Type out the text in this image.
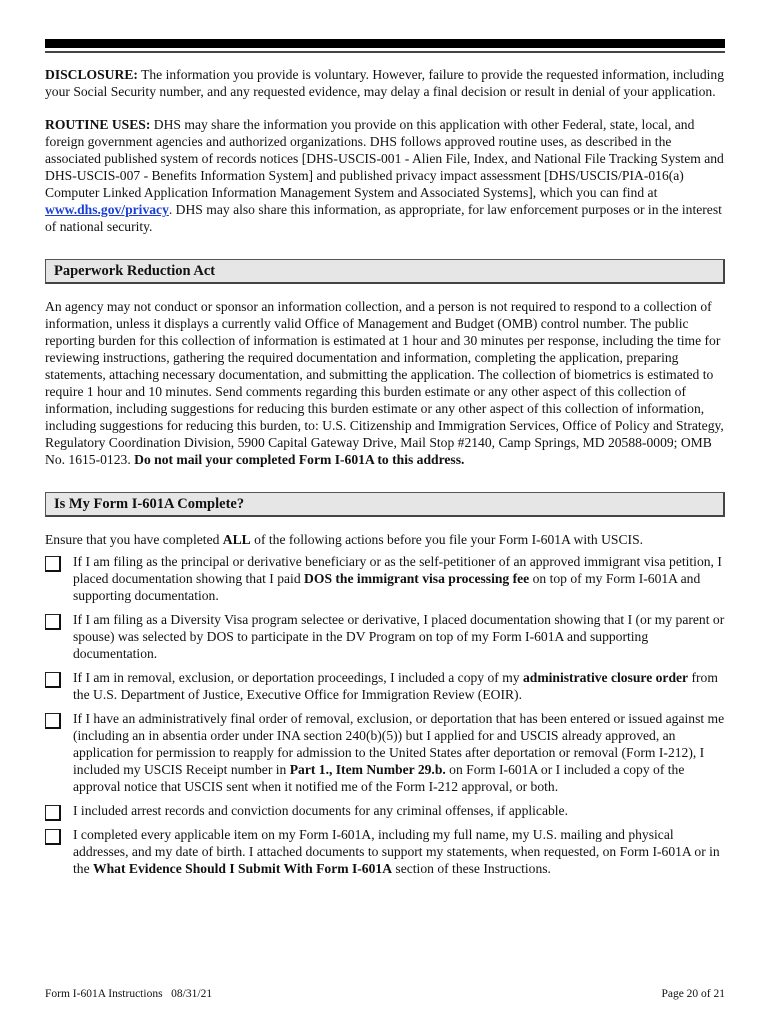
DISCLOSURE: The information you provide is voluntary. However, failure to provide the requested information, including your Social Security number, and any requested evidence, may delay a final decision or result in denial of your application.

ROUTINE USES: DHS may share the information you provide on this application with other Federal, state, local, and foreign government agencies and authorized organizations. DHS follows approved routine uses, as described in the associated published system of records notices [DHS-USCIS-001 - Alien File, Index, and National File Tracking System and DHS-USCIS-007 - Benefits Information System] and published privacy impact assessment [DHS/USCIS/PIA-016(a) Computer Linked Application Information Management System and Associated Systems], which you can find at www.dhs.gov/privacy. DHS may also share this information, as appropriate, for law enforcement purposes or in the interest of national security.

Paperwork Reduction Act

An agency may not conduct or sponsor an information collection, and a person is not required to respond to a collection of information, unless it displays a currently valid Office of Management and Budget (OMB) control number. The public reporting burden for this collection of information is estimated at 1 hour and 30 minutes per response, including the time for reviewing instructions, gathering the required documentation and information, completing the application, preparing statements, attaching necessary documentation, and submitting the application. The collection of biometrics is estimated to require 1 hour and 10 minutes. Send comments regarding this burden estimate or any other aspect of this collection of information, including suggestions for reducing this burden estimate or any other aspect of this collection of information, including suggestions for reducing this burden, to: U.S. Citizenship and Immigration Services, Office of Policy and Strategy, Regulatory Coordination Division, 5900 Capital Gateway Drive, Mail Stop #2140, Camp Springs, MD 20588-0009; OMB No. 1615-0123. Do not mail your completed Form I-601A to this address.

Is My Form I-601A Complete?

Ensure that you have completed ALL of the following actions before you file your Form I-601A with USCIS.

If I am filing as the principal or derivative beneficiary or as the self-petitioner of an approved immigrant visa petition, I placed documentation showing that I paid DOS the immigrant visa processing fee on top of my Form I-601A and supporting documentation.
If I am filing as a Diversity Visa program selectee or derivative, I placed documentation showing that I (or my parent or spouse) was selected by DOS to participate in the DV Program on top of my Form I-601A and supporting documentation.
If I am in removal, exclusion, or deportation proceedings, I included a copy of my administrative closure order from the U.S. Department of Justice, Executive Office for Immigration Review (EOIR).
If I have an administratively final order of removal, exclusion, or deportation that has been entered or issued against me (including an in absentia order under INA section 240(b)(5)) but I applied for and USCIS already approved, an application for permission to reapply for admission to the United States after deportation or removal (Form I-212), I included my USCIS Receipt number in Part 1., Item Number 29.b. on Form I-601A or I included a copy of the approval notice that USCIS sent when it notified me of the Form I-212 approval, or both.
I included arrest records and conviction documents for any criminal offenses, if applicable.
I completed every applicable item on my Form I-601A, including my full name, my U.S. mailing and physical addresses, and my date of birth. I attached documents to support my statements, when requested, on Form I-601A or in the What Evidence Should I Submit With Form I-601A section of these Instructions.
Form I-601A Instructions   08/31/21	Page 20 of 21
